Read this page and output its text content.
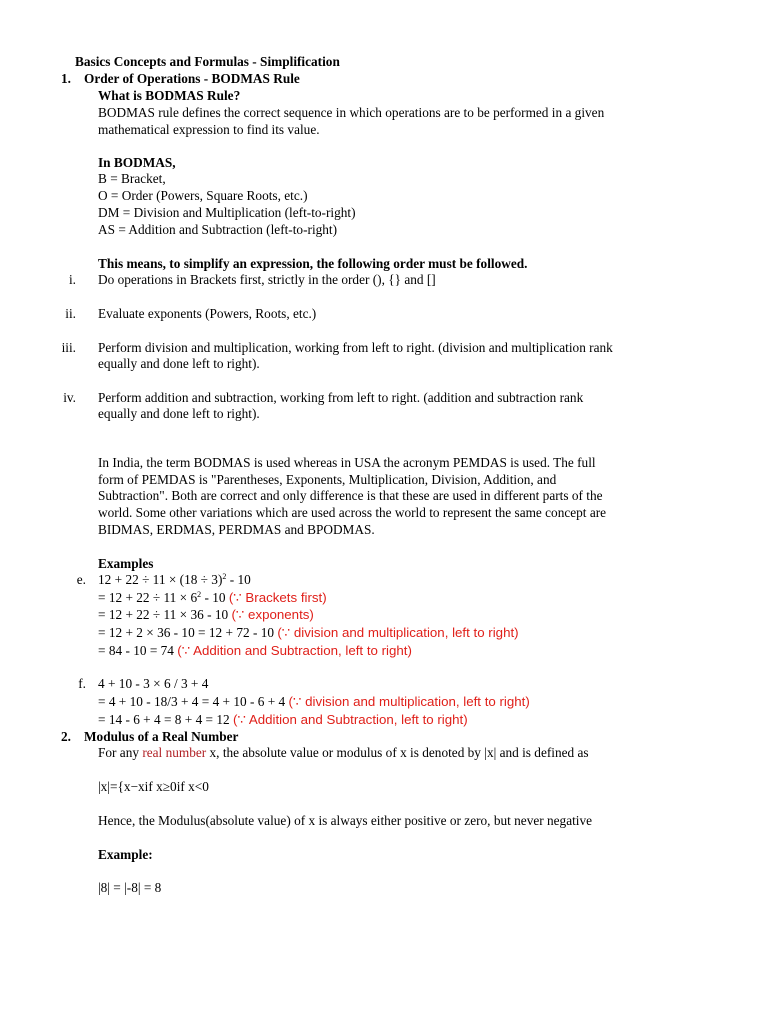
Basics Concepts and Formulas - Simplification
1. Order of Operations - BODMAS Rule
What is BODMAS Rule?
BODMAS rule defines the correct sequence in which operations are to be performed in a given
mathematical expression to find its value.
In BODMAS,
B = Bracket,
O = Order (Powers, Square Roots, etc.)
DM = Division and Multiplication (left-to-right)
AS = Addition and Subtraction (left-to-right)
This means, to simplify an expression, the following order must be followed.
i. Do operations in Brackets first, strictly in the order (), {} and []
ii. Evaluate exponents (Powers, Roots, etc.)
iii. Perform division and multiplication, working from left to right. (division and multiplication rank
equally and done left to right).
iv. Perform addition and subtraction, working from left to right. (addition and subtraction rank
equally and done left to right).
In India, the term BODMAS is used whereas in USA the acronym PEMDAS is used. The full
form of PEMDAS is "Parentheses, Exponents, Multiplication, Division, Addition, and
Subtraction". Both are correct and only difference is that these are used in different parts of the
world. Some other variations which are used across the world to represent the same concept are
BIDMAS, ERDMAS, PERDMAS and BPODMAS.
Examples
e. $12 + 22 \div 11 \times (18 \div 3)^2 - 10$
= $12 + 22 \div 11 \times 6^2 - 10$ (∵ Brackets first)
= 12 + 22 ÷ 11 × 36 - 10 (∵ exponents)
= 12 + 2 × 36 - 10 = 12 + 72 - 10 (∵ division and multiplication, left to right)
= 84 - 10 = 74 (∵ Addition and Subtraction, left to right)
f. 4 + 10 - 3 × 6 / 3 + 4
= 4 + 10 - 18/3 + 4 = 4 + 10 - 6 + 4 (∵ division and multiplication, left to right)
= 14 - 6 + 4 = 8 + 4 = 12 (∵ Addition and Subtraction, left to right)
2. Modulus of a Real Number
For any real number x, the absolute value or modulus of x is denoted by |x| and is defined as
|x|={x−xif x≥0if x<0
Hence, the Modulus(absolute value) of x is always either positive or zero, but never negative
Example:
|8| = |-8| = 8
